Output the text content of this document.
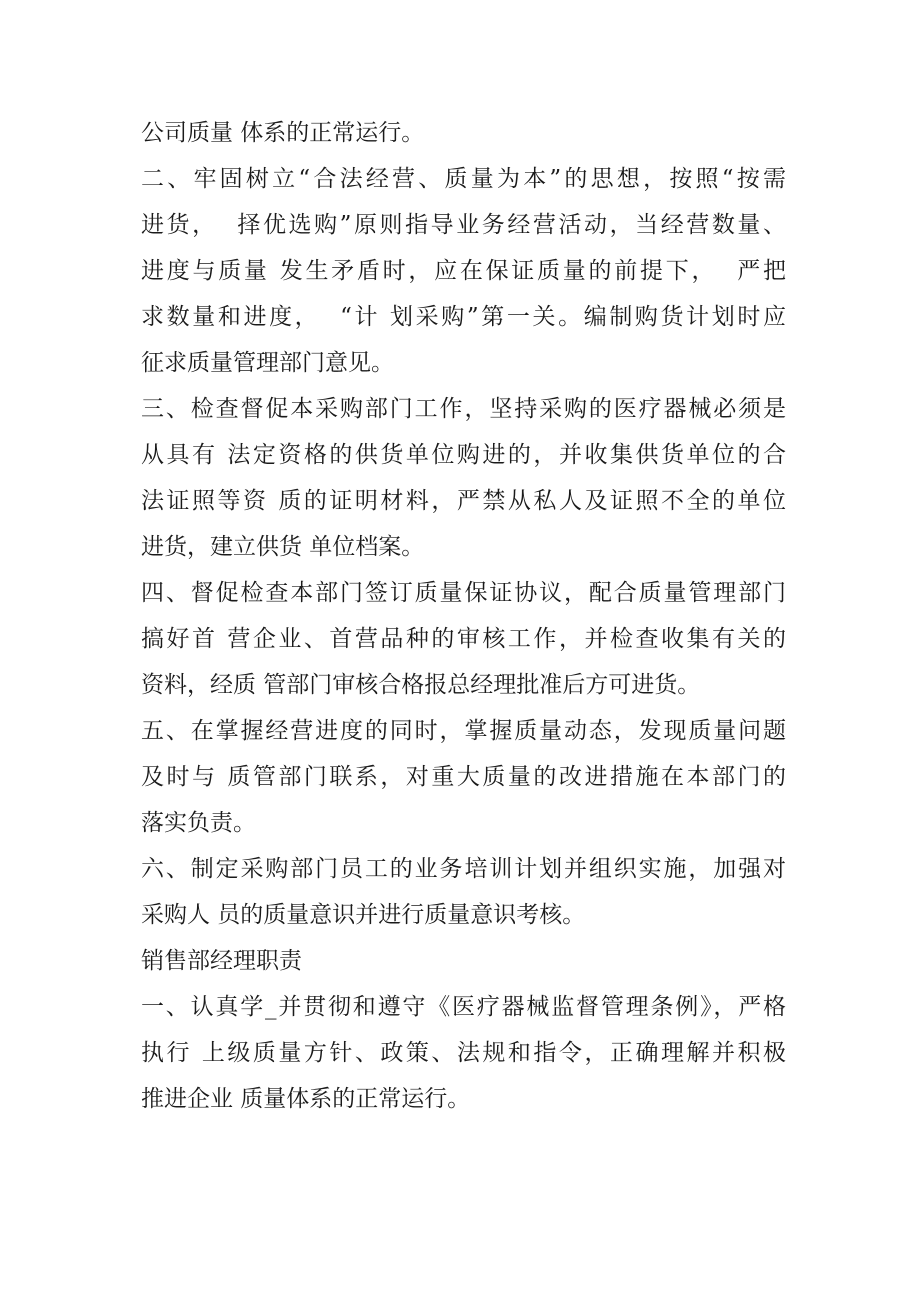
公司质量 体系的正常运行。
二、牢固树立“合法经营、质量为本”的思想，按照“按需
进货，  择优选购”原则指导业务经营活动，当经营数量、
进度与质量 发生矛盾时，应在保证质量的前提下，  严把
求数量和进度，  “计 划采购”第一关。编制购货计划时应
征求质量管理部门意见。
三、检查督促本采购部门工作，坚持采购的医疗器械必须是
从具有 法定资格的供货单位购进的，并收集供货单位的合
法证照等资 质的证明材料，严禁从私人及证照不全的单位
进货，建立供货 单位档案。
四、督促检查本部门签订质量保证协议，配合质量管理部门
搞好首 营企业、首营品种的审核工作，并检查收集有关的
资料，经质 管部门审核合格报总经理批准后方可进货。
五、在掌握经营进度的同时，掌握质量动态，发现质量问题
及时与 质管部门联系，对重大质量的改进措施在本部门的
落实负责。
六、制定采购部门员工的业务培训计划并组织实施，加强对
采购人 员的质量意识并进行质量意识考核。
销售部经理职责
一、认真学_并贯彻和遵守《医疗器械监督管理条例》，严格
执行 上级质量方针、政策、法规和指令，正确理解并积极
推进企业 质量体系的正常运行。
